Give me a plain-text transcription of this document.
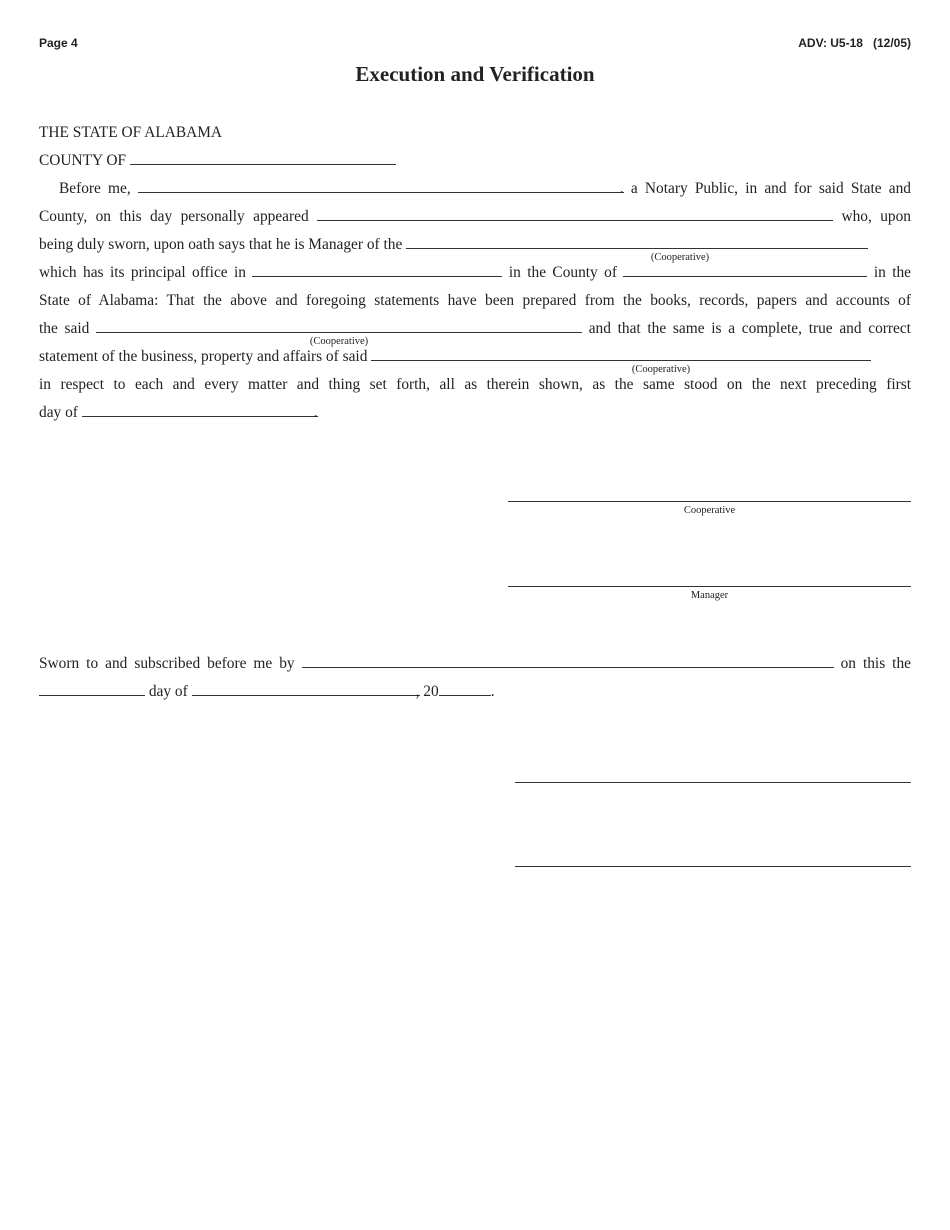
Page 4	ADV: U5-18 (12/05)
Execution and Verification
THE STATE OF ALABAMA
COUNTY OF
Before me,	. a Notary Public, in and for said State and
County, on this day personally appeared	who, upon
being duly sworn, upon oath says that he is Manager of the
(Cooperative)
which has its principal office in	in the County of	in the
State of Alabama: That the above and foregoing statements have been prepared from the books, records, papers and accounts of
the said	and that the same is a complete, true and correct
(Cooperative)
statement of the business, property and affairs of said
(Cooperative)
in respect to each and every matter and thing set forth, all as therein shown, as the same stood on the next preceding first
day of	.
Cooperative
Manager
Sworn to and subscribed before me by	on this the
day of	, 20	.
